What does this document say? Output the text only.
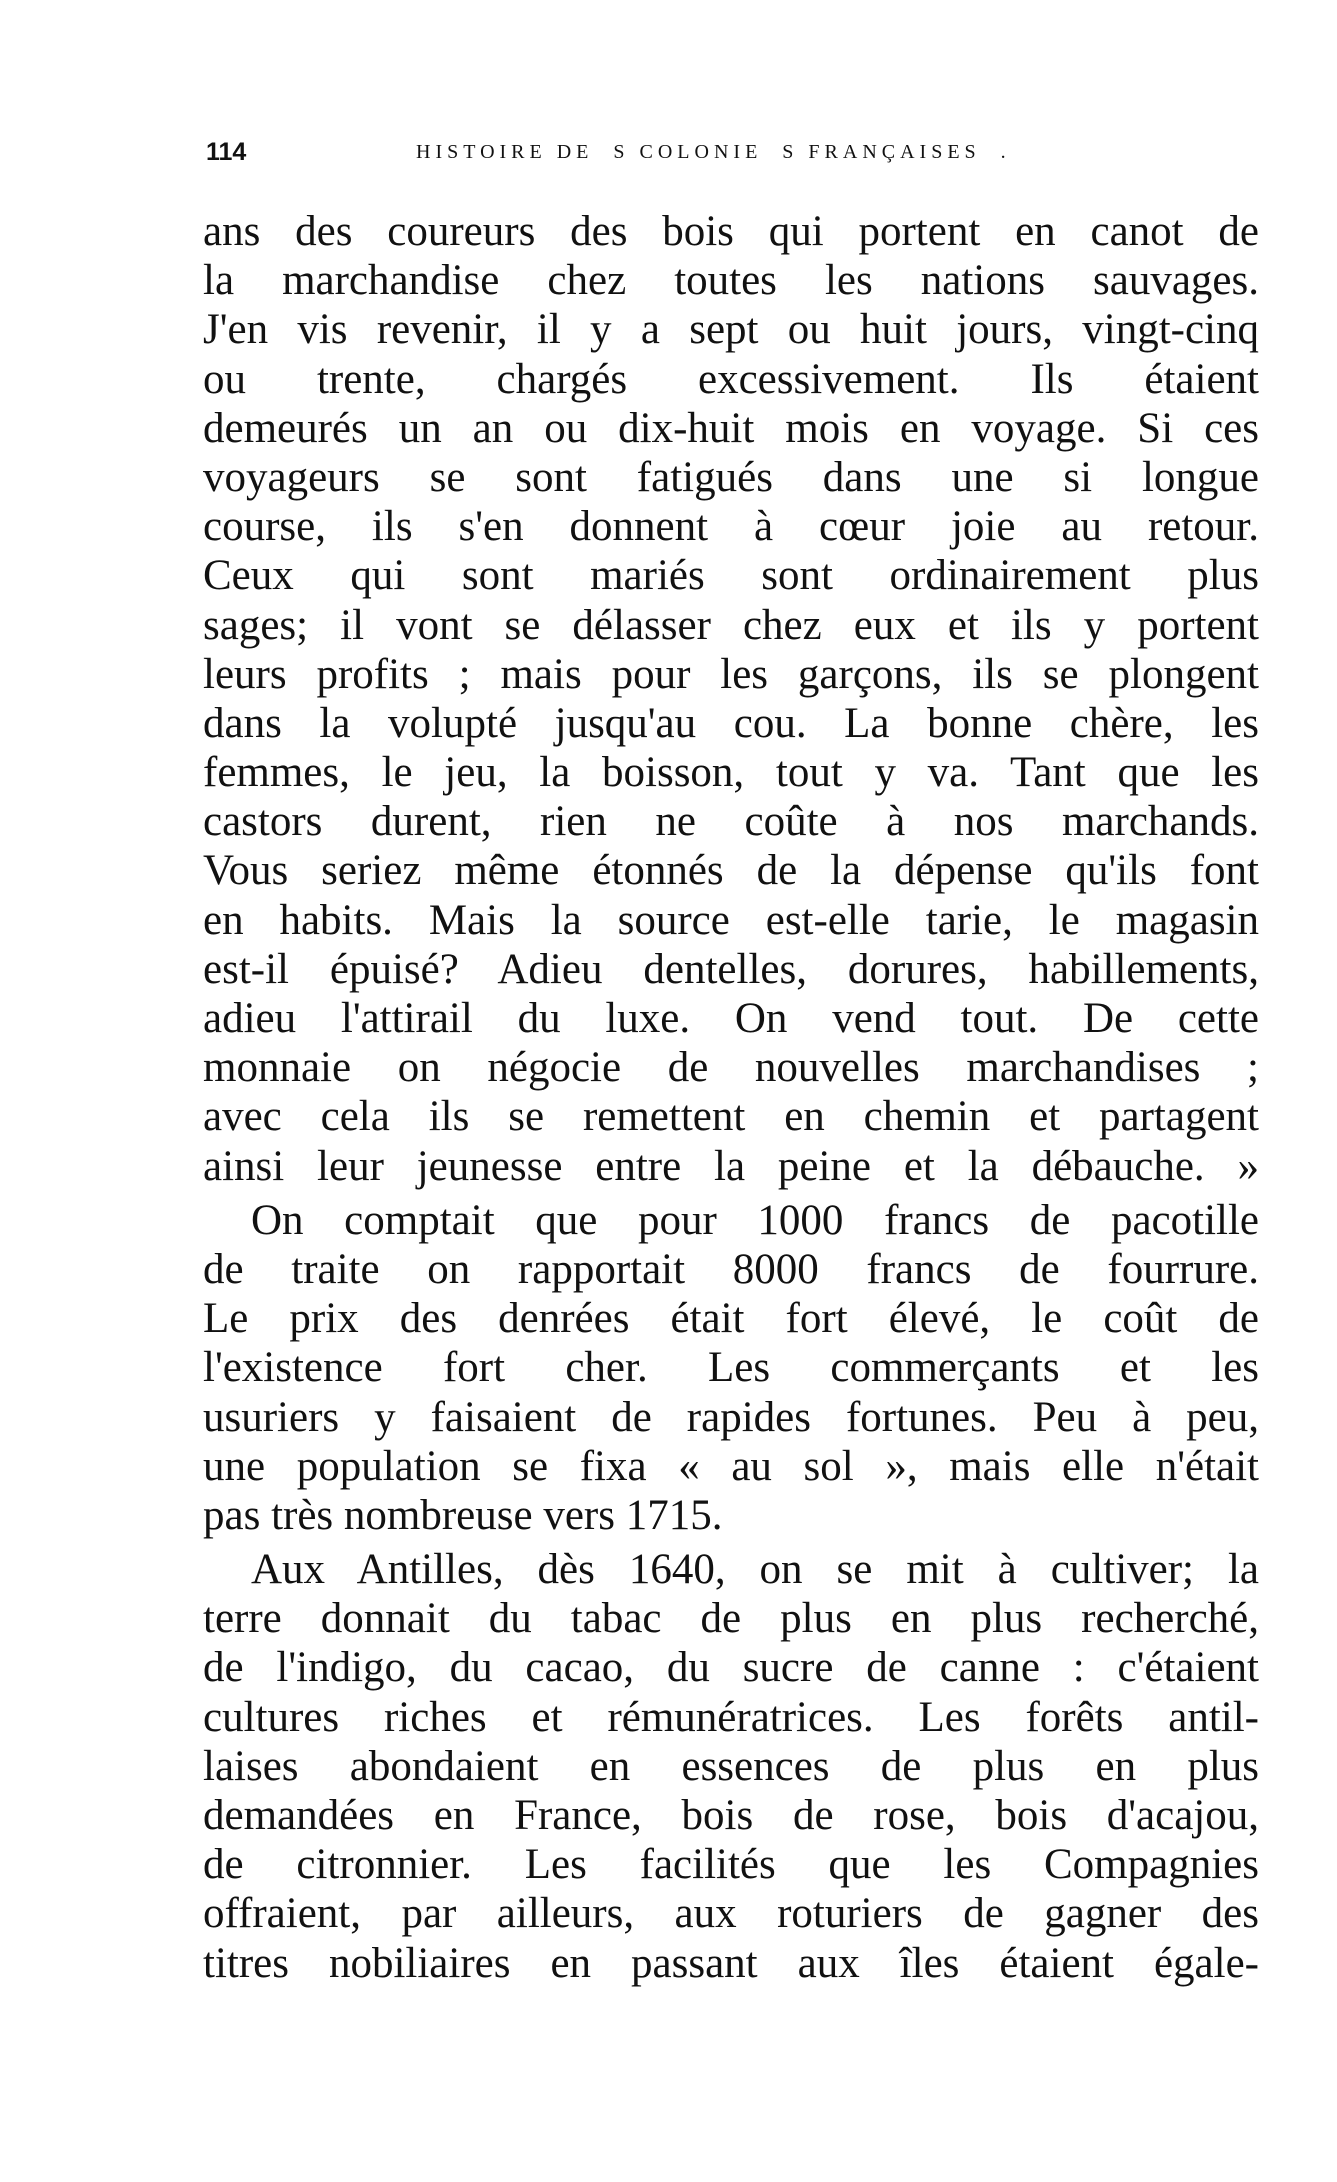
114	HISTOIRE DE  S COLONIE  S FRANÇAISES  .
ans des coureurs des bois qui portent en canot de
la marchandise chez toutes les nations sauvages.
J'en vis revenir, il y a sept ou huit jours, vingt-cinq
ou trente, chargés excessivement. Ils étaient
demeurés un an ou dix-huit mois en voyage. Si ces
voyageurs se sont fatigués dans une si longue
course, ils s'en donnent à cœur joie au retour.
Ceux qui sont mariés sont ordinairement plus
sages; il vont se délasser chez eux et ils y portent
leurs profits ; mais pour les garçons, ils se plongent
dans la volupté jusqu'au cou. La bonne chère, les
femmes, le jeu, la boisson, tout y va. Tant que les
castors durent, rien ne coûte à nos marchands.
Vous seriez même étonnés de la dépense qu'ils font
en habits. Mais la source est-elle tarie, le magasin
est-il épuisé? Adieu dentelles, dorures, habillements,
adieu l'attirail du luxe. On vend tout. De cette
monnaie on négocie de nouvelles marchandises ;
avec cela ils se remettent en chemin et partagent
ainsi leur jeunesse entre la peine et la débauche. »
On comptait que pour 1000 francs de pacotille
de traite on rapportait 8000 francs de fourrure.
Le prix des denrées était fort élevé, le coût de
l'existence fort cher. Les commerçants et les
usuriers y faisaient de rapides fortunes. Peu à peu,
une population se fixa « au sol », mais elle n'était
pas très nombreuse vers 1715.
Aux Antilles, dès 1640, on se mit à cultiver; la
terre donnait du tabac de plus en plus recherché,
de l'indigo, du cacao, du sucre de canne : c'étaient
cultures riches et rémunératrices. Les forêts antil-
laises abondaient en essences de plus en plus
demandées en France, bois de rose, bois d'acajou,
de citronnier. Les facilités que les Compagnies
offraient, par ailleurs, aux roturiers de gagner des
titres nobiliaires en passant aux îles étaient égale-
